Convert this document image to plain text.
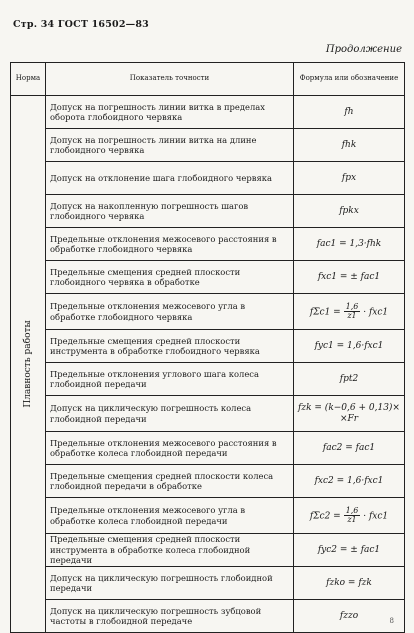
Стр. 34 ГОСТ 16502—83
Продолжение
Норма	Показатель точности	Формула или обозначение

Плавность работы	Допуск на погрешность линии витка в пределах оборота глобоидного червяка	fh
	Допуск на погрешность линии витка на длине глобоидного червяка	fhk
	Допуск на отклонение шага глобоидного червяка	fpx
	Допуск на накопленную погрешность шагов глобоидного червяка	fpkx
	Предельные отклонения межосевого расстояния в обработке глобоидного червяка	fac1 = 1,3·fhk
	Предельные смещения средней плоскости глобоидного червяка в обработке	fxc1 = ± fac1
	Предельные отклонения межосевого угла в обработке глобоидного червяка	$f\Sigma c1 = \frac{1,6}{z1} \cdot fxc1$
	Предельные смещения средней плоскости инструмента в обработке глобоидного червяка	fyc1 = 1,6·fxc1
	Предельные отклонения углового шага колеса глобоидной передачи	fpt2
	Допуск на циклическую погрешность колеса глобоидной передачи	fzk = (k−0,6 + 0,13)× ×Fr
	Предельные отклонения межосевого расстояния в обработке колеса глобоидной передачи	fac2 = fac1
	Предельные смещения средней плоскости колеса глобоидной передачи в обработке	fxc2 = 1,6·fxc1
	Предельные отклонения межосевого угла в обработке колеса глобоидной передачи	$f\Sigma c2 = \frac{1,6}{z1} \cdot fxc1$
	Предельные смещения средней плоскости инструмента в обработке колеса глобоидной передачи	fyc2 = ± fac1
	Допуск на циклическую погрешность глобоидной передачи	fzko = fzk
	Допуск на циклическую погрешность зубцовой частоты в глобоидной передаче	fzzo	8
